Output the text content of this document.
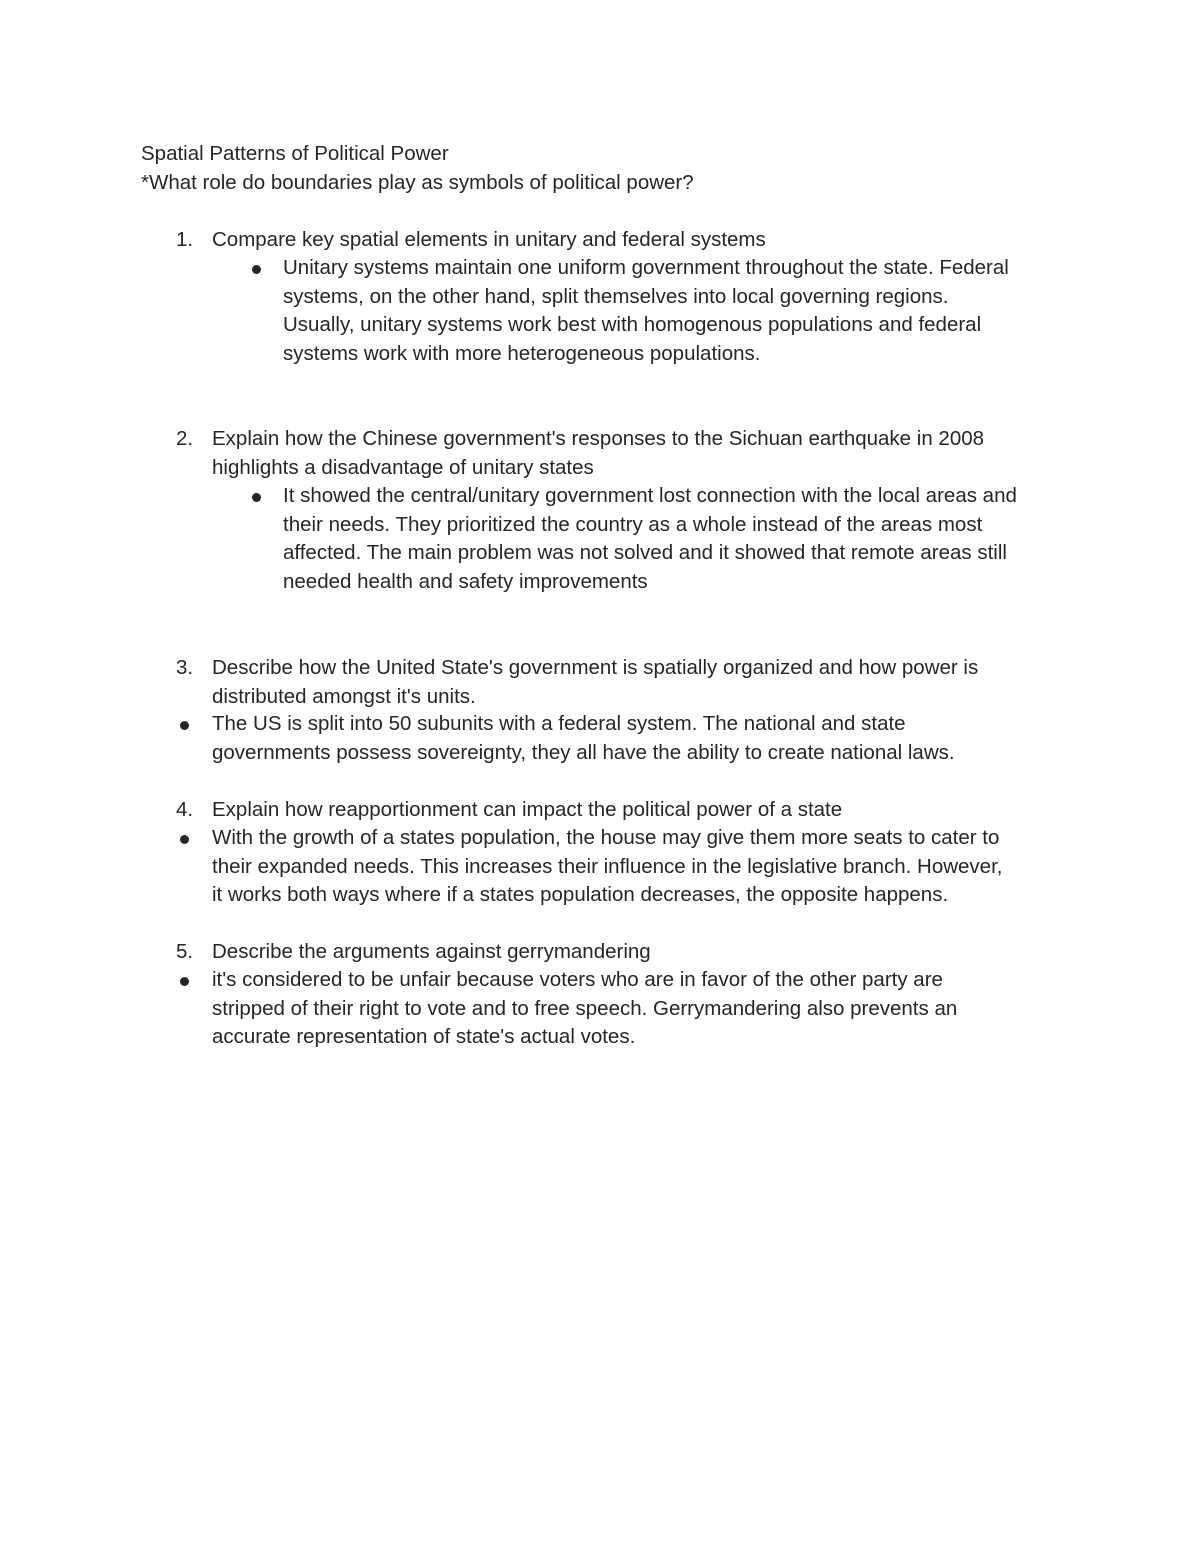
Spatial Patterns of Political Power
*What role do boundaries play as symbols of political power?
1. Compare key spatial elements in unitary and federal systems
Unitary systems maintain one uniform government throughout the state. Federal
systems, on the other hand, split themselves into local governing regions.
Usually, unitary systems work best with homogenous populations and federal
systems work with more heterogeneous populations.
2. Explain how the Chinese government's responses to the Sichuan earthquake in 2008
highlights a disadvantage of unitary states
It showed the central/unitary government lost connection with the local areas and
their needs. They prioritized the country as a whole instead of the areas most
affected. The main problem was not solved and it showed that remote areas still
needed health and safety improvements
3. Describe how the United State's government is spatially organized and how power is
distributed amongst it's units.
The US is split into 50 subunits with a federal system. The national and state
governments possess sovereignty, they all have the ability to create national laws.
4. Explain how reapportionment can impact the political power of a state
With the growth of a states population, the house may give them more seats to cater to
their expanded needs. This increases their influence in the legislative branch. However,
it works both ways where if a states population decreases, the opposite happens.
5. Describe the arguments against gerrymandering
it's considered to be unfair because voters who are in favor of the other party are
stripped of their right to vote and to free speech. Gerrymandering also prevents an
accurate representation of state's actual votes.
